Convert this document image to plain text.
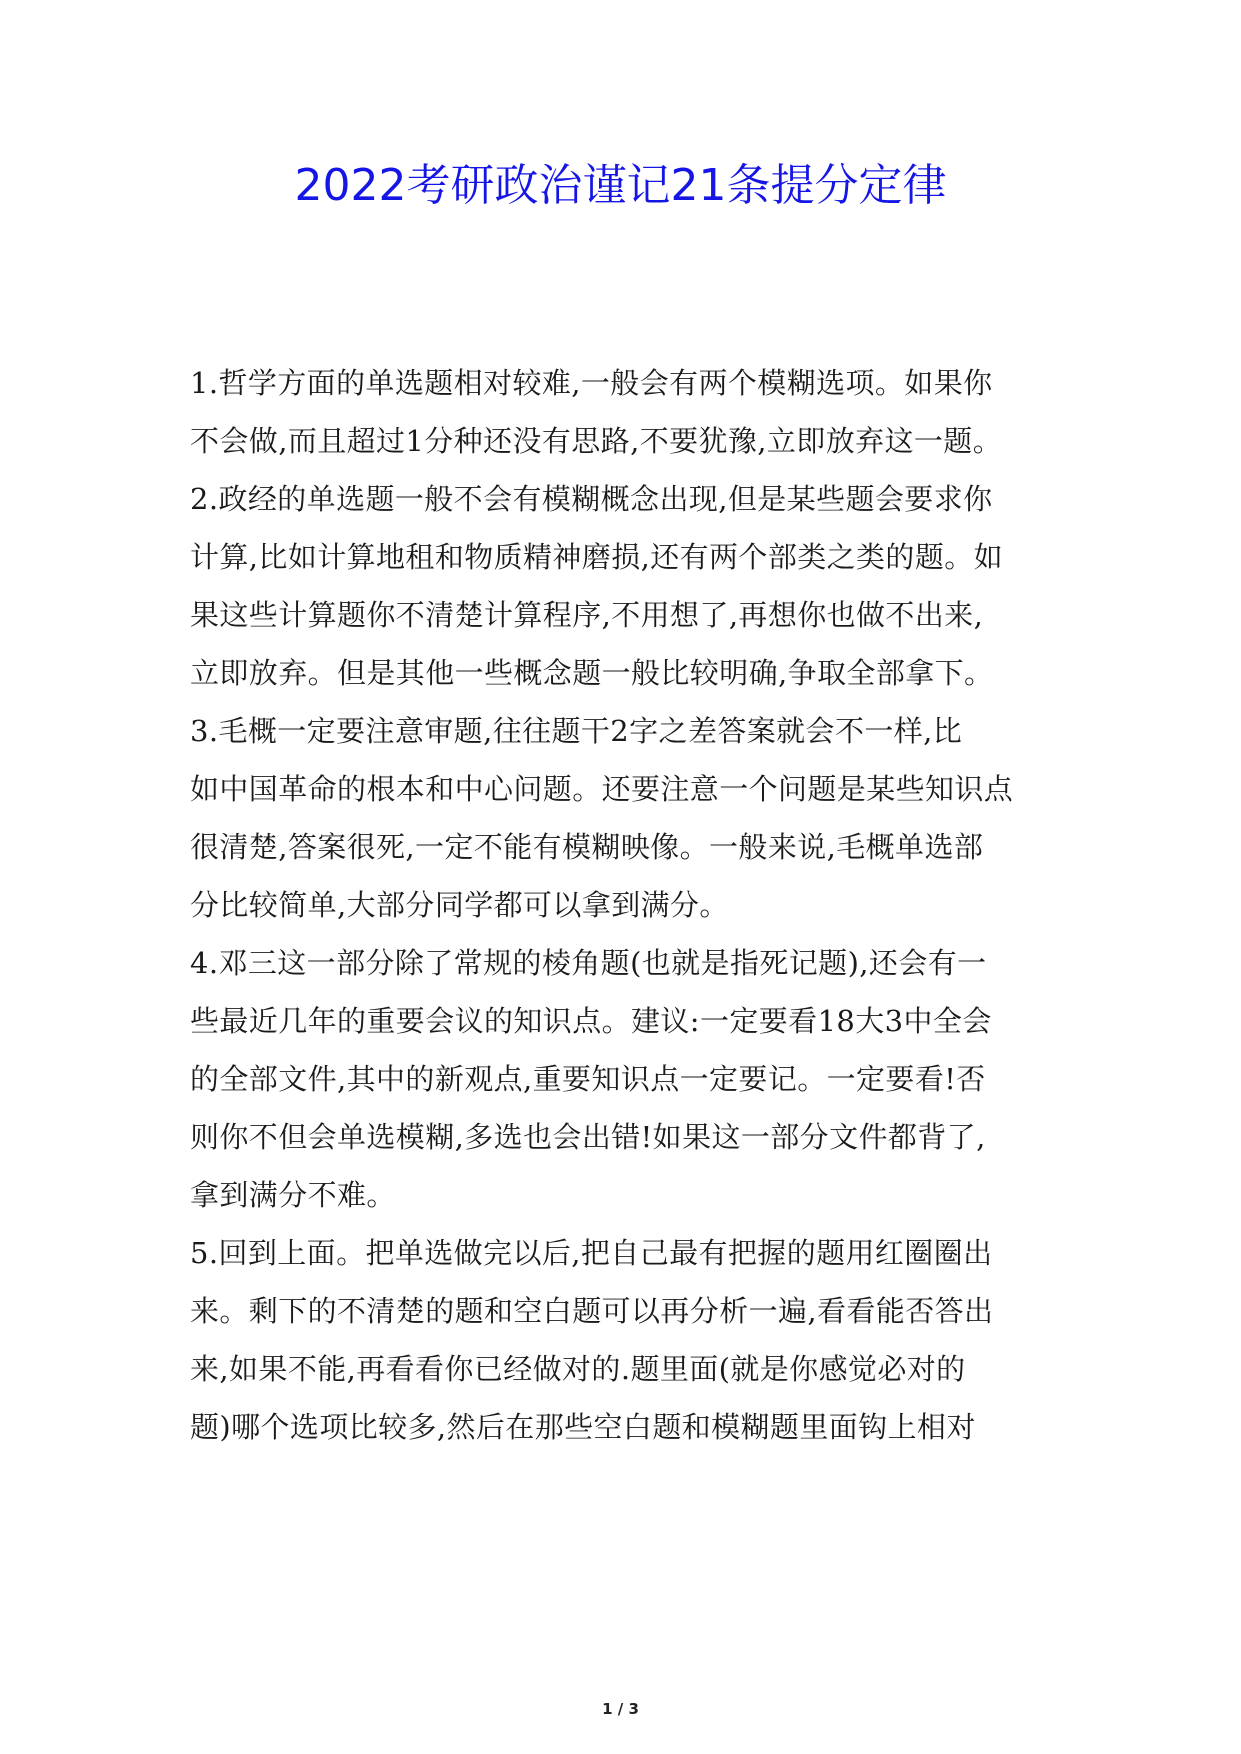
2022考研政治谨记21条提分定律
1.哲学方面的单选题相对较难,一般会有两个模糊选项。如果你
不会做,而且超过1分种还没有思路,不要犹豫,立即放弃这一题。
2.政经的单选题一般不会有模糊概念出现,但是某些题会要求你
计算,比如计算地租和物质精神磨损,还有两个部类之类的题。如
果这些计算题你不清楚计算程序,不用想了,再想你也做不出来,
立即放弃。但是其他一些概念题一般比较明确,争取全部拿下。
3.毛概一定要注意审题,往往题干2字之差答案就会不一样,比
如中国革命的根本和中心问题。还要注意一个问题是某些知识点
很清楚,答案很死,一定不能有模糊映像。一般来说,毛概单选部
分比较简单,大部分同学都可以拿到满分。
4.邓三这一部分除了常规的棱角题(也就是指死记题),还会有一
些最近几年的重要会议的知识点。建议:一定要看18大3中全会
的全部文件,其中的新观点,重要知识点一定要记。一定要看!否
则你不但会单选模糊,多选也会出错!如果这一部分文件都背了,
拿到满分不难。
5.回到上面。把单选做完以后,把自己最有把握的题用红圈圈出
来。剩下的不清楚的题和空白题可以再分析一遍,看看能否答出
来,如果不能,再看看你已经做对的.题里面(就是你感觉必对的
题)哪个选项比较多,然后在那些空白题和模糊题里面钩上相对
1 / 3
